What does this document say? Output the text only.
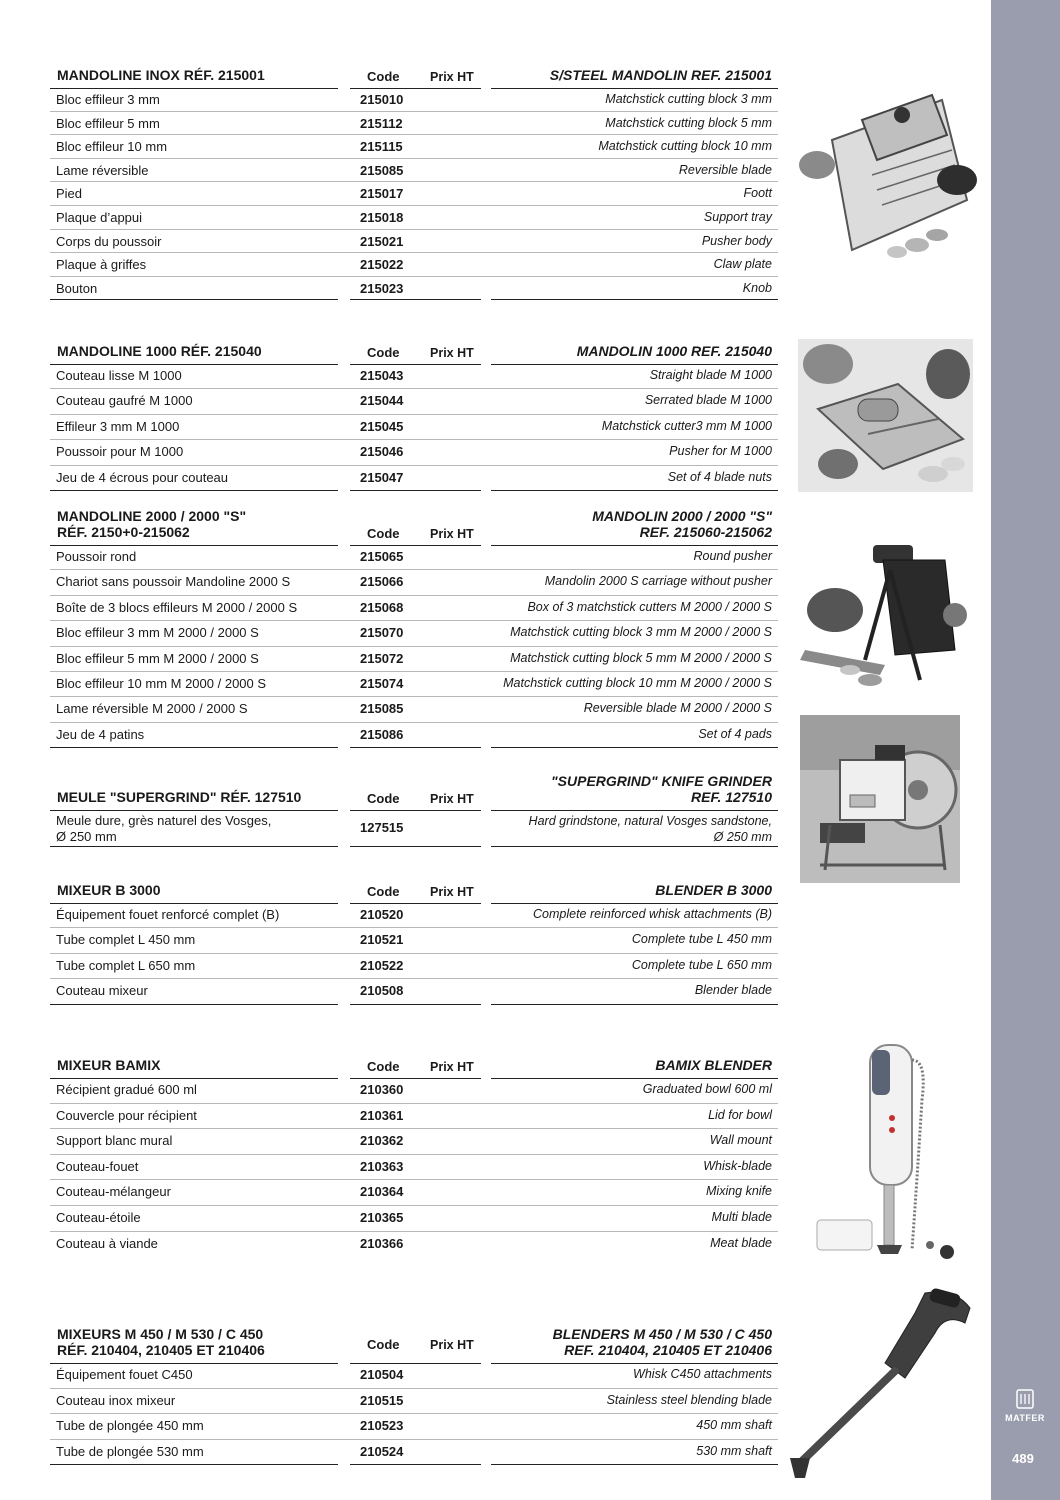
MATFER
489
MANDOLINE INOX RÉF. 215001	Code Prix HT	S/STEEL MANDOLIN REF. 215001
Bloc effileur 3 mm	215010	Matchstick cutting block 3 mm
Bloc effileur 5 mm	215112	Matchstick cutting block 5 mm
Bloc effileur 10 mm	215115	Matchstick cutting block 10 mm
Lame réversible	215085	Reversible blade
Pied	215017	Foott
Plaque d’appui	215018	Support tray
Corps du poussoir	215021	Pusher body
Plaque à griffes	215022	Claw plate
Bouton	215023	Knob
MANDOLINE 1000 RÉF. 215040	Code Prix HT	MANDOLIN 1000 REF. 215040
Couteau lisse M 1000	215043	Straight blade M 1000
Couteau gaufré M 1000	215044	Serrated blade M 1000
Effileur 3 mm M 1000	215045	Matchstick cutter3 mm M 1000
Poussoir pour M 1000	215046	Pusher for M 1000
Jeu de 4 écrous pour couteau	215047	Set of 4 blade nuts
MANDOLINE 2000 / 2000 "S"
RÉF. 2150+0-215062	Code Prix HT
MANDOLIN 2000 / 2000 "S"
REF. 215060-215062
Poussoir rond	215065	Round pusher
Chariot sans poussoir Mandoline 2000 S	215066	Mandolin 2000 S carriage without pusher
Boîte de 3 blocs effileurs M 2000 / 2000 S	215068	Box of 3 matchstick cutters M 2000 / 2000 S
Bloc effileur 3 mm M 2000 / 2000 S	215070	Matchstick cutting block 3 mm M 2000 / 2000 S
Bloc effileur 5 mm M 2000 / 2000 S	215072	Matchstick cutting block 5 mm M 2000 / 2000 S
Bloc effileur 10 mm M 2000 / 2000 S	215074	Matchstick cutting block 10 mm M 2000 / 2000 S
Lame réversible M 2000 / 2000 S	215085	Reversible blade M 2000 / 2000 S
Jeu de 4 patins	215086	Set of 4 pads
MEULE "SUPERGRIND" RÉF. 127510	Code Prix HT
"SUPERGRIND" KNIFE GRINDER
REF. 127510
Meule dure, grès naturel des Vosges,
Ø 250 mm
127515	Hard grindstone, natural Vosges sandstone,
Ø 250 mm
MIXEUR B 3000	Code Prix HT	BLENDER B 3000
Équipement fouet renforcé complet (B)	210520	Complete reinforced whisk attachments (B)
Tube complet L 450 mm	210521	Complete tube L 450 mm
Tube complet L 650 mm	210522	Complete tube L 650 mm
Couteau mixeur	210508	Blender blade
MIXEUR BAMIX	Code Prix HT	BAMIX BLENDER
Récipient gradué 600 ml	210360	Graduated bowl 600 ml
Couvercle pour récipient	210361	Lid for bowl
Support blanc mural	210362	Wall mount
Couteau-fouet	210363	Whisk-blade
Couteau-mélangeur	210364	Mixing knife
Couteau-étoile	210365	Multi blade
Couteau à viande	210366	Meat blade
MIXEURS M 450 / M 530 / C 450
RÉF. 210404, 210405 ET 210406	Code Prix HT
BLENDERS M 450 / M 530 / C 450
REF. 210404, 210405 ET 210406
Équipement fouet C450	210504	Whisk C450 attachments
Couteau inox mixeur	210515	Stainless steel blending blade
Tube de plongée 450 mm	210523	450 mm shaft
Tube de plongée 530 mm	210524	530 mm shaft
